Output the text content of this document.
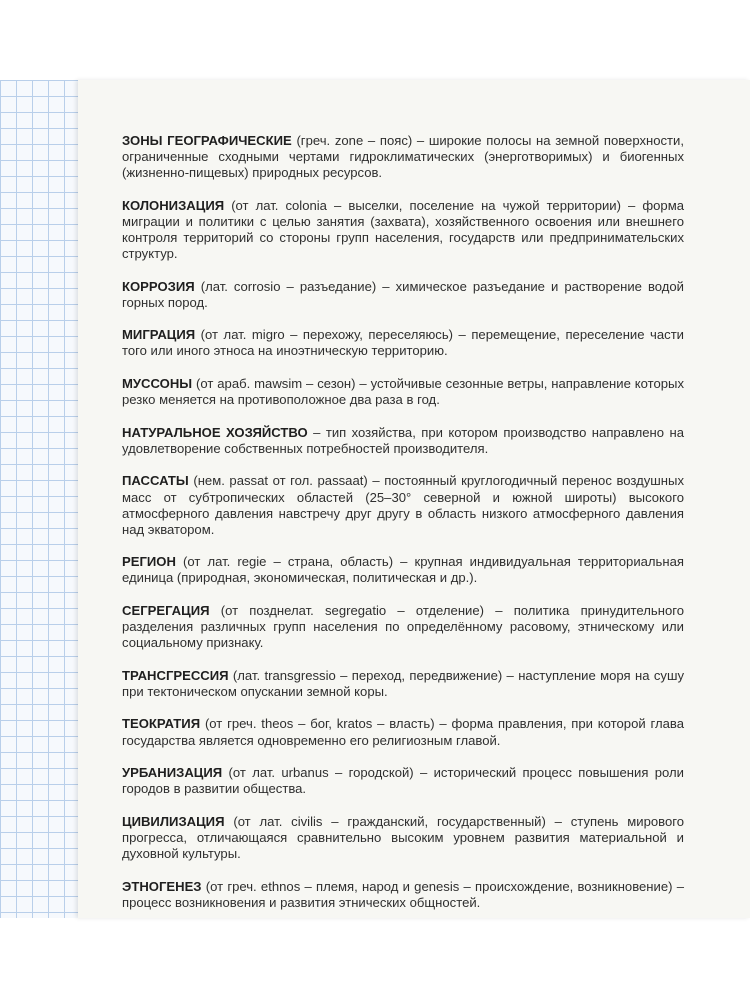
ЗОНЫ ГЕОГРАФИЧЕСКИЕ (греч. zone – пояс) – широкие полосы на земной поверхности, ограниченные сходными чертами гидроклиматических (энерготворимых) и биогенных (жизненно-пищевых) природных ресурсов.

КОЛОНИЗАЦИЯ (от лат. colonia – выселки, поселение на чужой территории) – форма миграции и политики с целью занятия (захвата), хозяйственного освоения или внешнего контроля территорий со стороны групп населения, государств или предпринимательских структур.

КОРРОЗИЯ (лат. corrosio – разъедание) – химическое разъедание и растворение водой горных пород.

МИГРАЦИЯ (от лат. migro – перехожу, переселяюсь) – перемещение, переселение части того или иного этноса на иноэтническую территорию.

МУССОНЫ (от араб. mawsim – сезон) – устойчивые сезонные ветры, направление которых резко меняется на противоположное два раза в год.

НАТУРАЛЬНОЕ ХОЗЯЙСТВО – тип хозяйства, при котором производство направлено на удовлетворение собственных потребностей производителя.

ПАССАТЫ (нем. passat от гол. passaat) – постоянный круглогодичный перенос воздушных масс от субтропических областей (25–30° северной и южной широты) высокого атмосферного давления навстречу друг другу в область низкого атмосферного давления над экватором.

РЕГИОН (от лат. regie – страна, область) – крупная индивидуальная территориальная единица (природная, экономическая, политическая и др.).

СЕГРЕГАЦИЯ (от позднелат. segregatio – отделение) – политика принудительного разделения различных групп населения по определённому расовому, этническому или социальному признаку.

ТРАНСГРЕССИЯ (лат. transgressio – переход, передвижение) – наступление моря на сушу при тектоническом опускании земной коры.

ТЕОКРАТИЯ (от греч. theos – бог, kratos – власть) – форма правления, при которой глава государства является одновременно его религиозным главой.

УРБАНИЗАЦИЯ (от лат. urbanus – городской) – исторический процесс повышения роли городов в развитии общества.

ЦИВИЛИЗАЦИЯ (от лат. civilis – гражданский, государственный) – ступень мирового прогресса, отличающаяся сравнительно высоким уровнем развития материальной и духовной культуры.

ЭТНОГЕНЕЗ (от греч. ethnos – племя, народ и genesis – происхождение, возникновение) – процесс возникновения и развития этнических общностей.
